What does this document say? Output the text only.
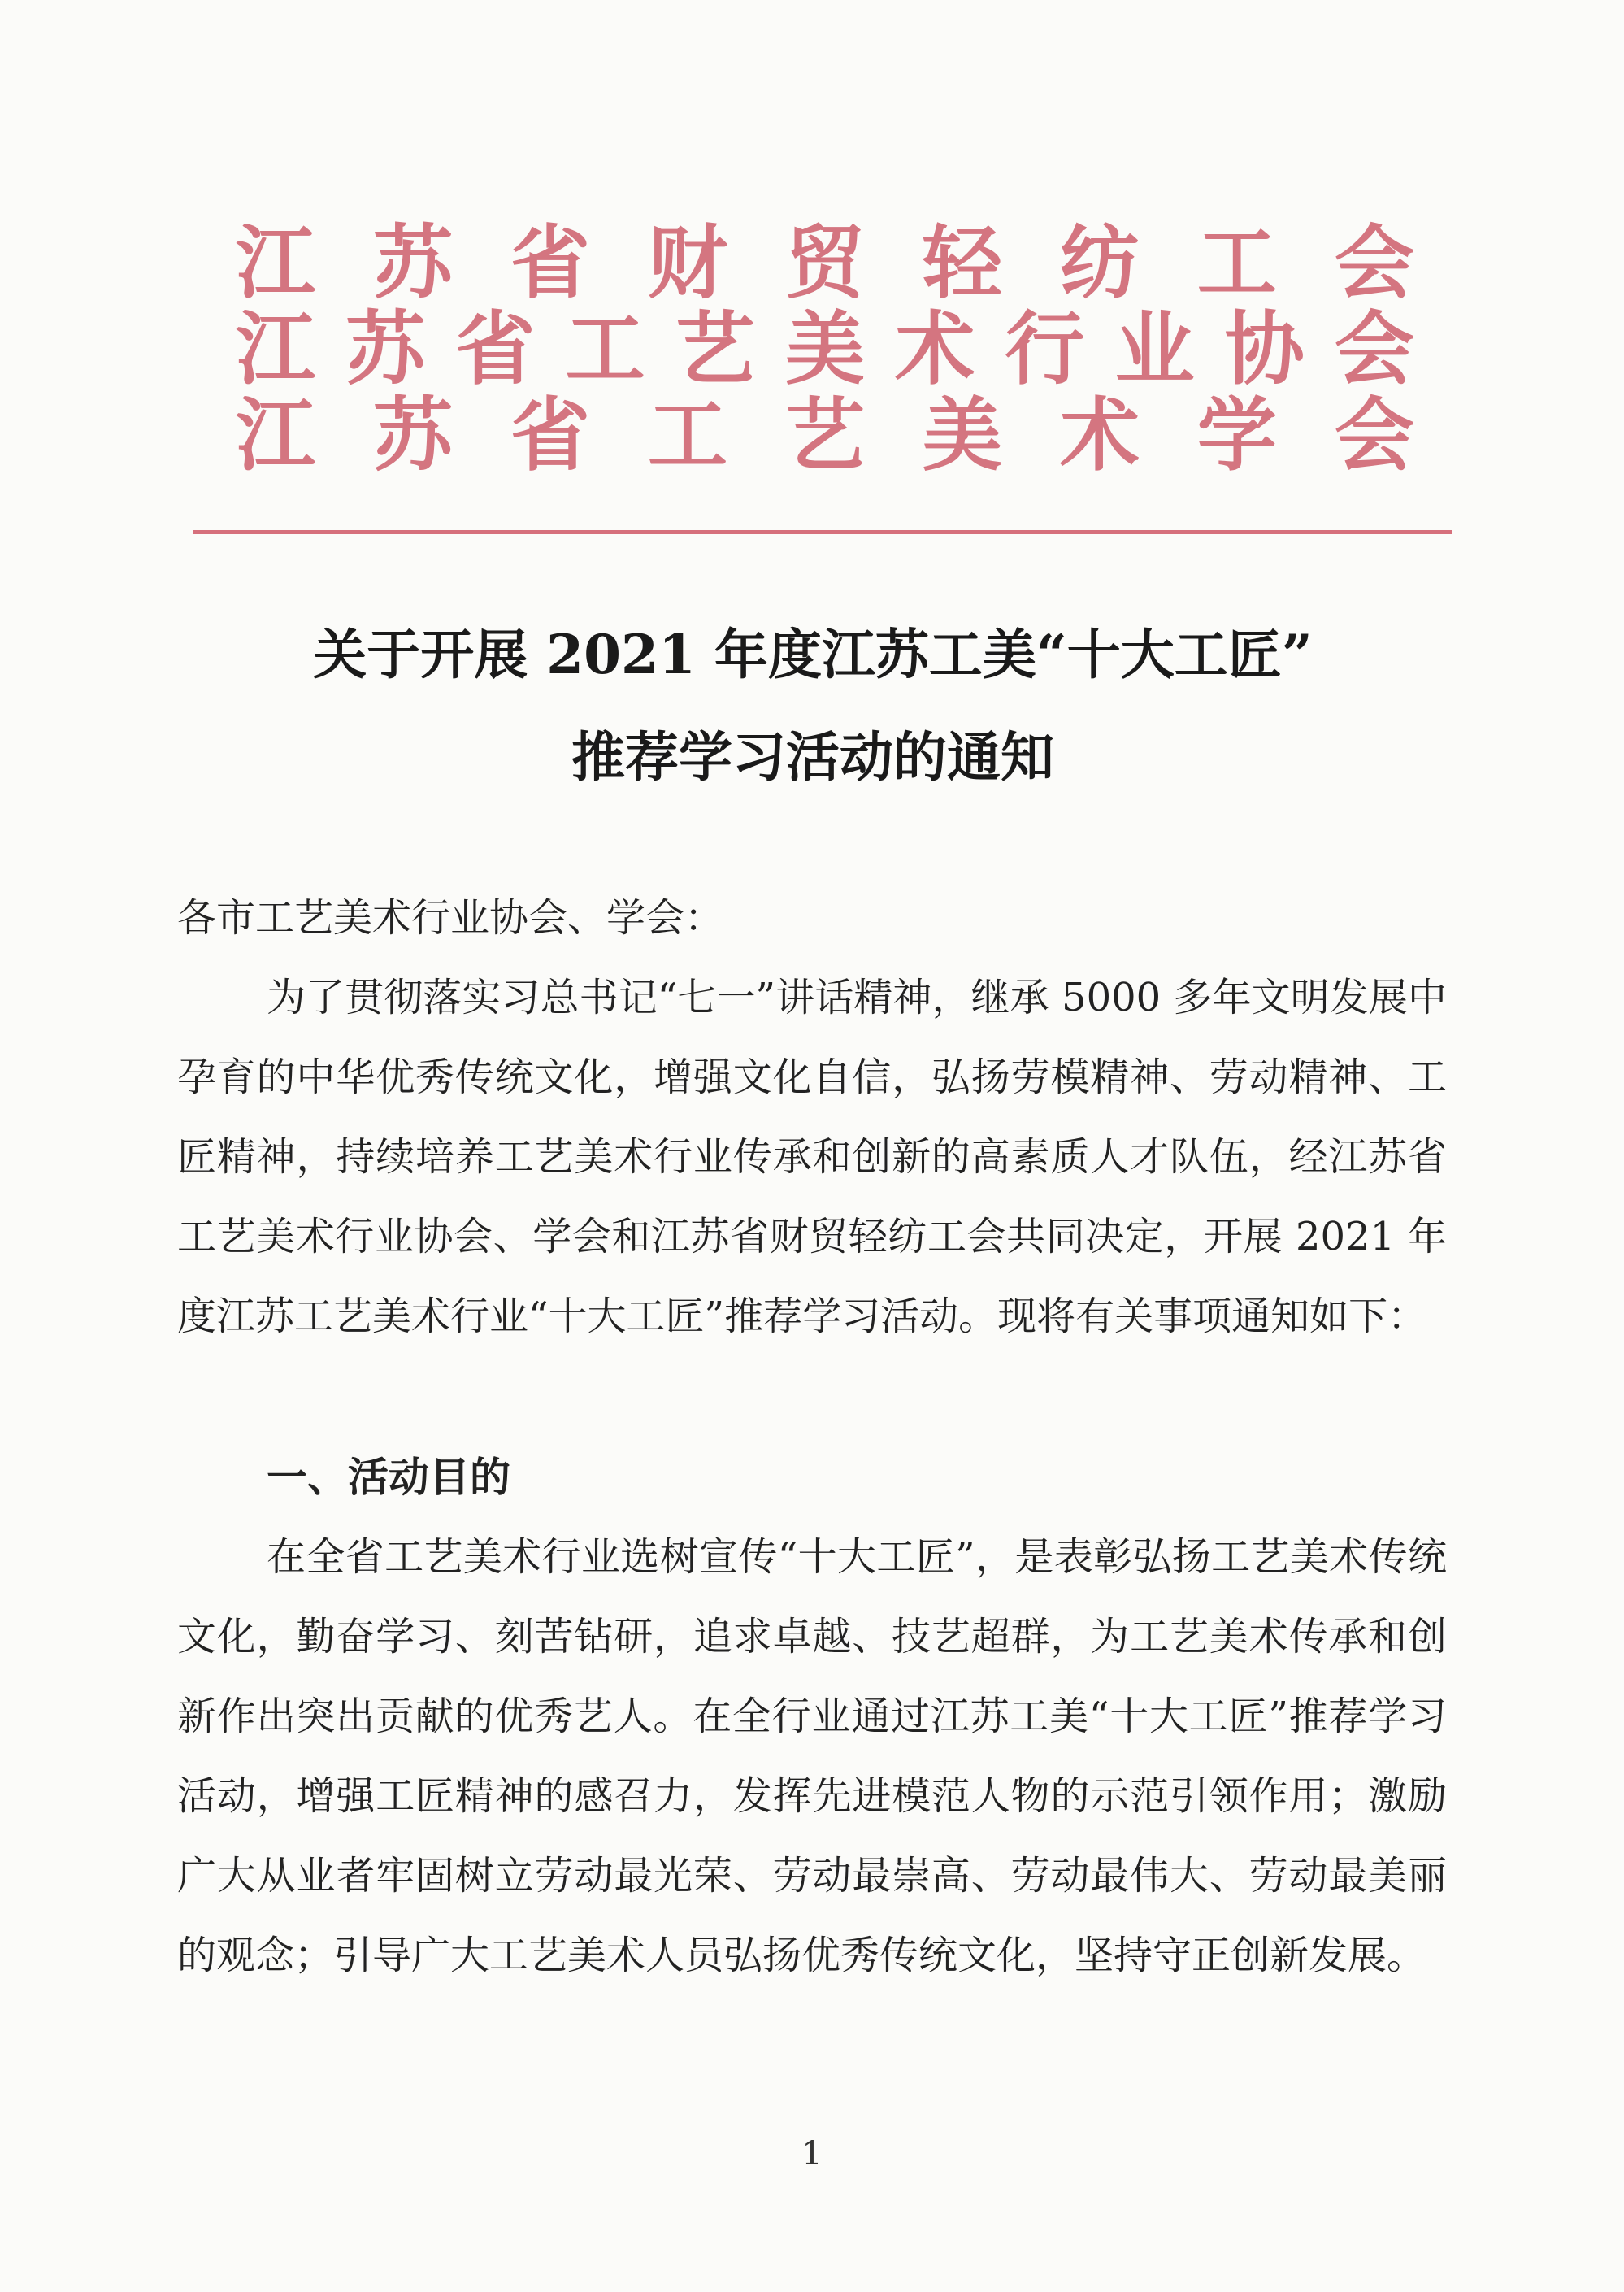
江 苏 省 财 贸 轻 纺 工 会
江 苏 省 工 艺 美 术 行 业 协 会
江 苏 省 工 艺 美 术 学 会
关于开展 2021 年度江苏工美“十大工匠”
推荐学习活动的通知
各市工艺美术行业协会、学会：
为了贯彻落实习总书记“七一”讲话精神，继承 5000 多年文明发展中孕育的中华优秀传统文化，增强文化自信，弘扬劳模精神、劳动精神、工匠精神，持续培养工艺美术行业传承和创新的高素质人才队伍，经江苏省工艺美术行业协会、学会和江苏省财贸轻纺工会共同决定，开展 2021 年度江苏工艺美术行业“十大工匠”推荐学习活动。现将有关事项通知如下：
一、活动目的
在全省工艺美术行业选树宣传“十大工匠”，是表彰弘扬工艺美术传统文化，勤奋学习、刻苦钻研，追求卓越、技艺超群，为工艺美术传承和创新作出突出贡献的优秀艺人。在全行业通过江苏工美“十大工匠”推荐学习活动，增强工匠精神的感召力，发挥先进模范人物的示范引领作用；激励广大从业者牢固树立劳动最光荣、劳动最崇高、劳动最伟大、劳动最美丽的观念；引导广大工艺美术人员弘扬优秀传统文化，坚持守正创新发展。
1
